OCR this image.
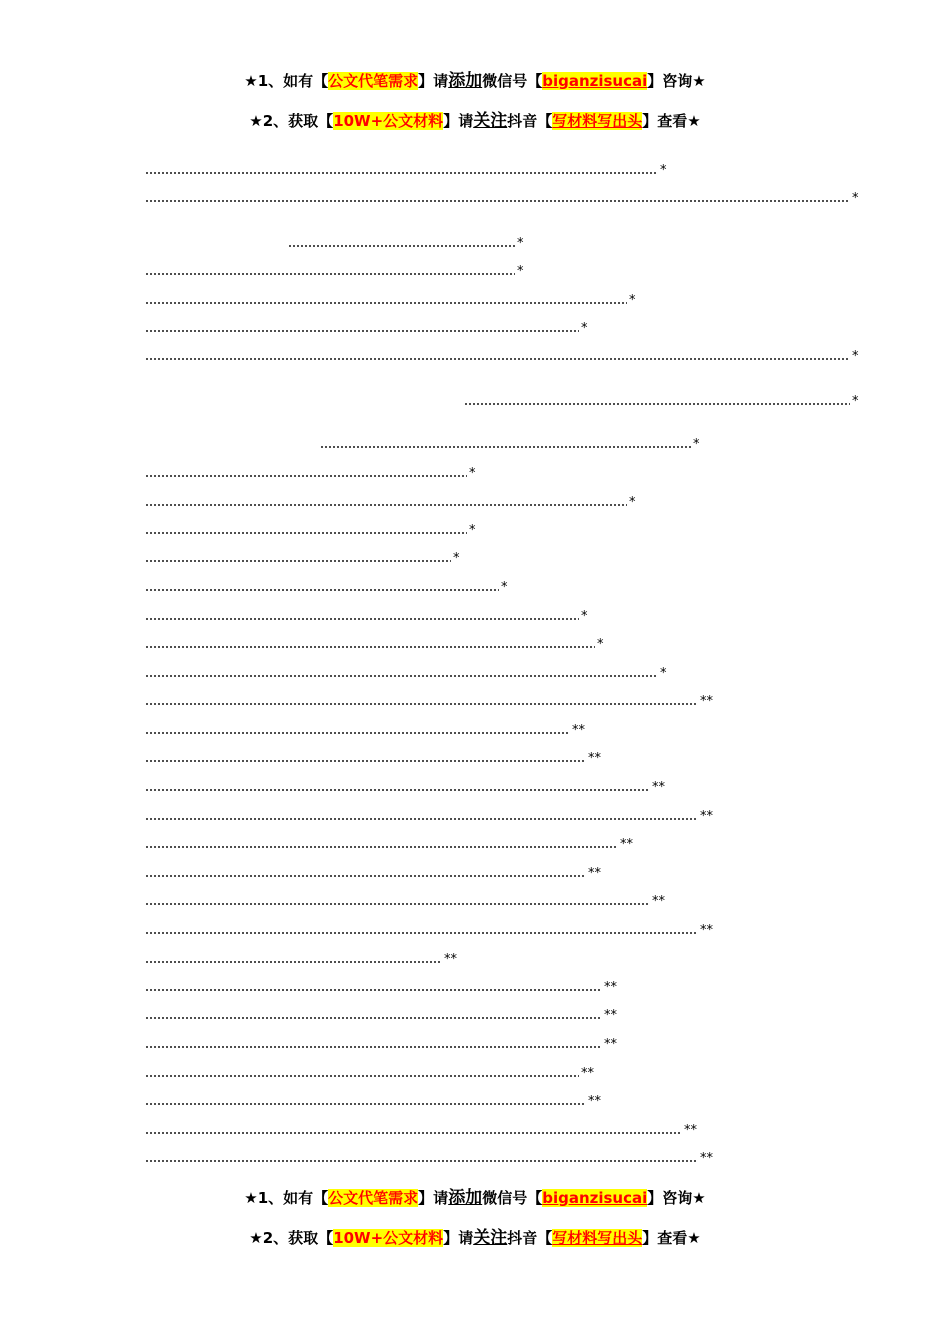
★1、如有【公文代笔需求】请添加微信号【biganzisucai】咨询★
★2、获取【10W+公文材料】请关注抖音【写材料写出头】查看★
*
*
*
*
*
*
*
*
*
*
*
*
*
*
*
*
*
**
**
**
**
**
**
**
**
**
**
**
**
**
**
**
**
**
★1、如有【公文代笔需求】请添加微信号【biganzisucai】咨询★
★2、获取【10W+公文材料】请关注抖音【写材料写出头】查看★
